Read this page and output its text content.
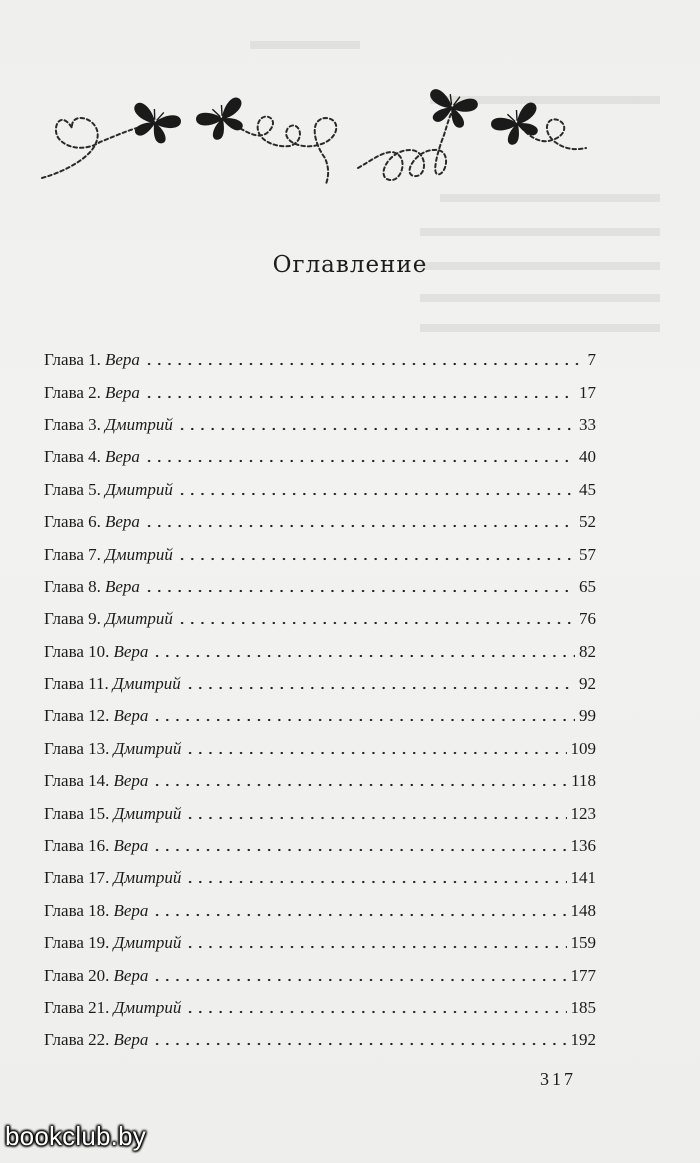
Оглавление
Глава 1. Вера	7
Глава 2. Вера	17
Глава 3. Дмитрий	33
Глава 4. Вера	40
Глава 5. Дмитрий	45
Глава 6. Вера	52
Глава 7. Дмитрий	57
Глава 8. Вера	65
Глава 9. Дмитрий	76
Глава 10. Вера	82
Глава 11. Дмитрий	92
Глава 12. Вера	99
Глава 13. Дмитрий	109
Глава 14. Вера	118
Глава 15. Дмитрий	123
Глава 16. Вера	136
Глава 17. Дмитрий	141
Глава 18. Вера	148
Глава 19. Дмитрий	159
Глава 20. Вера	177
Глава 21. Дмитрий	185
Глава 22. Вера	192
317
bookclub.by
